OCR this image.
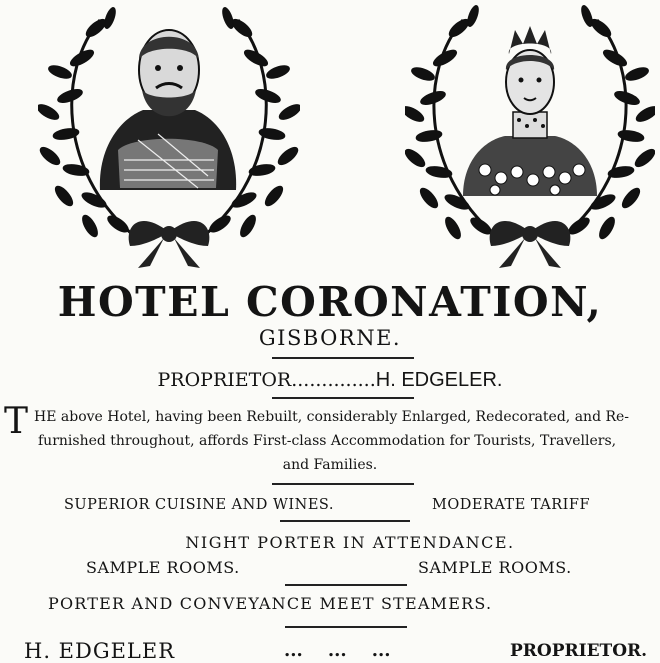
HOTEL CORONATION,
GISBORNE.
PROPRIETOR..............H. EDGELER.
T HE above Hotel, having been Rebuilt, considerably Enlarged, Redecorated, and Re-
furnished throughout, affords First-class Accommodation for Tourists, Travellers,
and Families.
SUPERIOR CUISINE AND WINES.	MODERATE TARIFF
NIGHT PORTER IN ATTENDANCE.
SAMPLE ROOMS.	SAMPLE ROOMS.
PORTER AND CONVEYANCE MEET STEAMERS.
H. EDGELER	...    ...    ...	PROPRIETOR.
